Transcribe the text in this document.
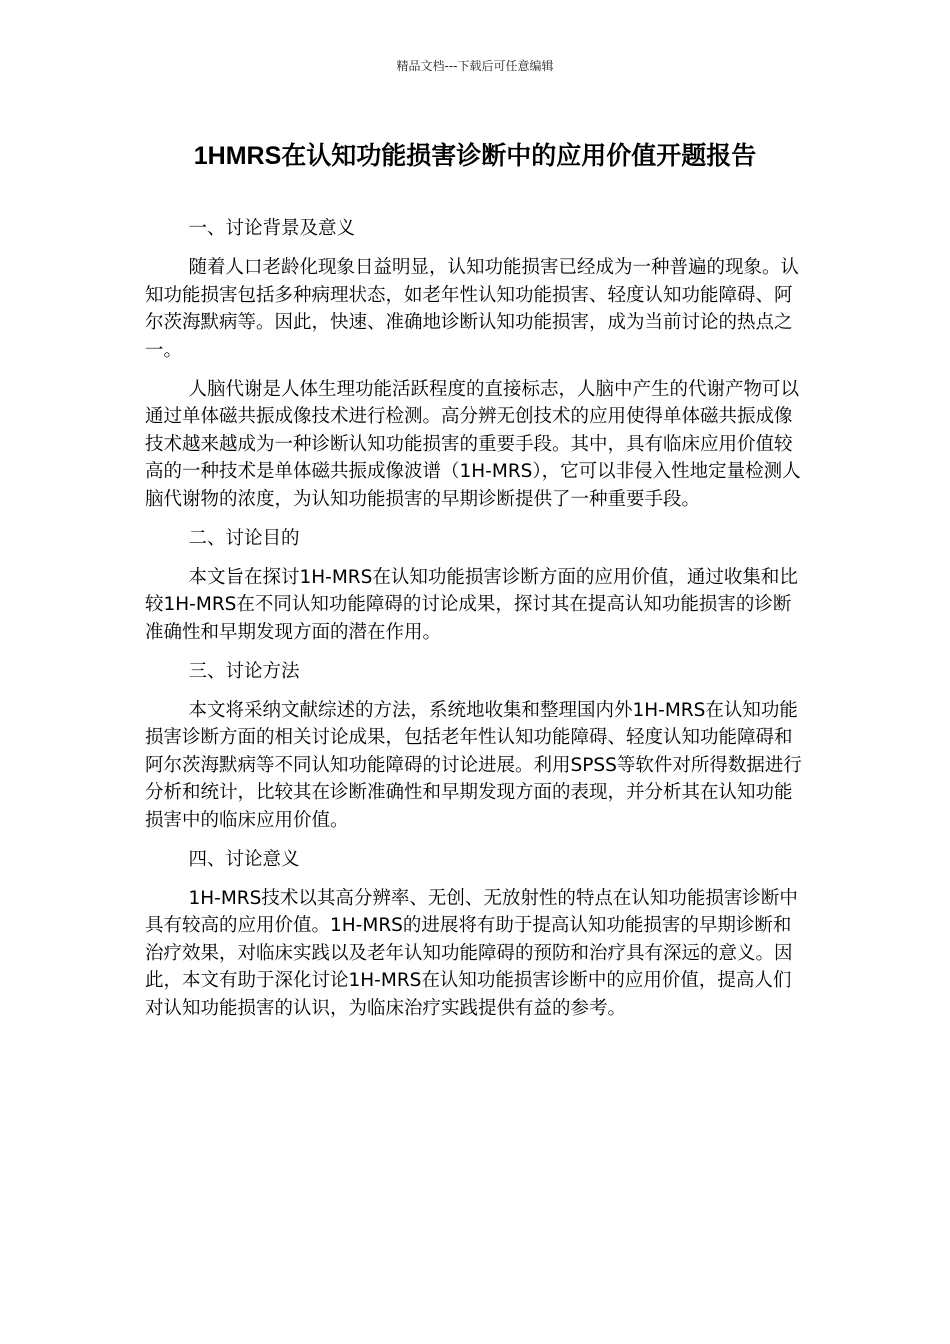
精品文档---下载后可任意编辑
1HMRS在认知功能损害诊断中的应用价值开题报告

一、讨论背景及意义

随着人口老龄化现象日益明显，认知功能损害已经成为一种普遍的现象。认知功能损害包括多种病理状态，如老年性认知功能损害、轻度认知功能障碍、阿尔茨海默病等。因此，快速、准确地诊断认知功能损害，成为当前讨论的热点之一。

人脑代谢是人体生理功能活跃程度的直接标志，人脑中产生的代谢产物可以通过单体磁共振成像技术进行检测。高分辨无创技术的应用使得单体磁共振成像技术越来越成为一种诊断认知功能损害的重要手段。其中，具有临床应用价值较高的一种技术是单体磁共振成像波谱（1H-MRS），它可以非侵入性地定量检测人脑代谢物的浓度，为认知功能损害的早期诊断提供了一种重要手段。

二、讨论目的

本文旨在探讨1H-MRS在认知功能损害诊断方面的应用价值，通过收集和比较1H-MRS在不同认知功能障碍的讨论成果，探讨其在提高认知功能损害的诊断准确性和早期发现方面的潜在作用。

三、讨论方法

本文将采纳文献综述的方法，系统地收集和整理国内外1H-MRS在认知功能损害诊断方面的相关讨论成果，包括老年性认知功能障碍、轻度认知功能障碍和阿尔茨海默病等不同认知功能障碍的讨论进展。利用SPSS等软件对所得数据进行分析和统计，比较其在诊断准确性和早期发现方面的表现，并分析其在认知功能损害中的临床应用价值。

四、讨论意义

1H-MRS技术以其高分辨率、无创、无放射性的特点在认知功能损害诊断中具有较高的应用价值。1H-MRS的进展将有助于提高认知功能损害的早期诊断和治疗效果，对临床实践以及老年认知功能障碍的预防和治疗具有深远的意义。因此，本文有助于深化讨论1H-MRS在认知功能损害诊断中的应用价值，提高人们对认知功能损害的认识，为临床治疗实践提供有益的参考。
